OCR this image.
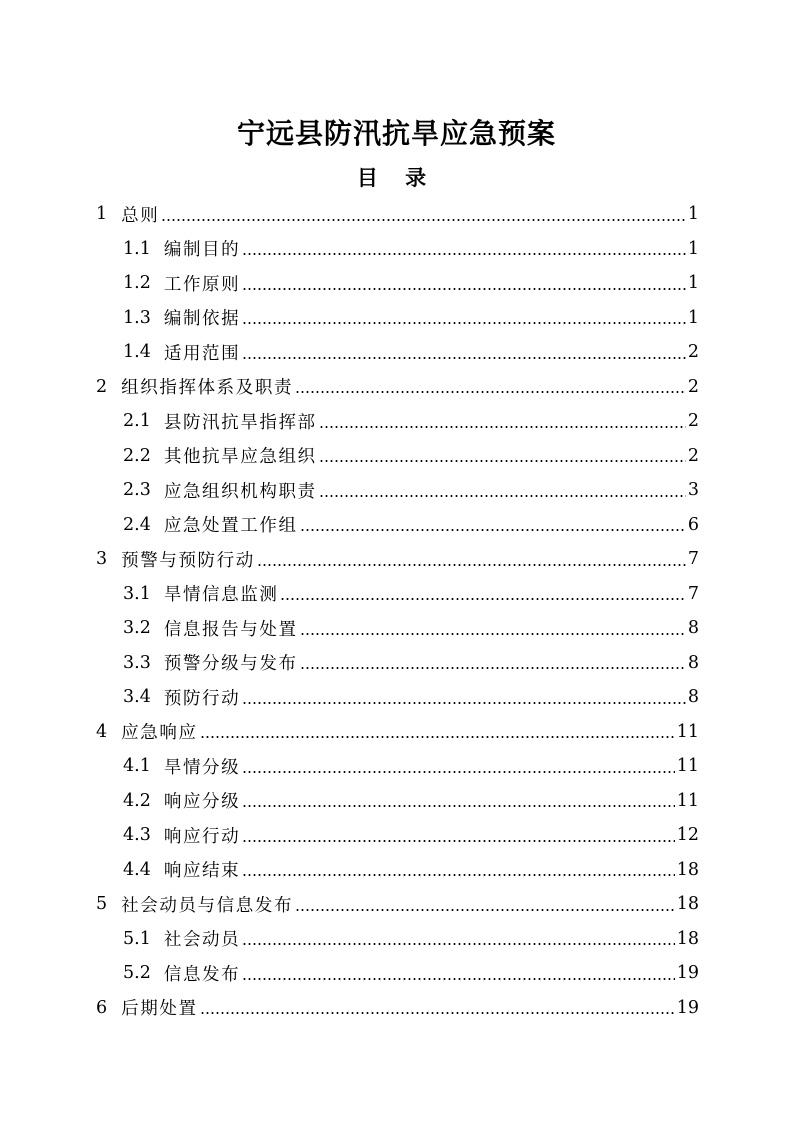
宁远县防汛抗旱应急预案
目 录
1 总则	1
1.1 编制目的	1
1.2 工作原则	1
1.3 编制依据	1
1.4 适用范围	2
2 组织指挥体系及职责	2
2.1 县防汛抗旱指挥部	2
2.2 其他抗旱应急组织	2
2.3 应急组织机构职责	3
2.4 应急处置工作组	6
3 预警与预防行动	7
3.1 旱情信息监测	7
3.2 信息报告与处置	8
3.3 预警分级与发布	8
3.4 预防行动	8
4 应急响应	11
4.1 旱情分级	11
4.2 响应分级	11
4.3 响应行动	12
4.4 响应结束	18
5 社会动员与信息发布	18
5.1 社会动员	18
5.2 信息发布	19
6 后期处置	19
